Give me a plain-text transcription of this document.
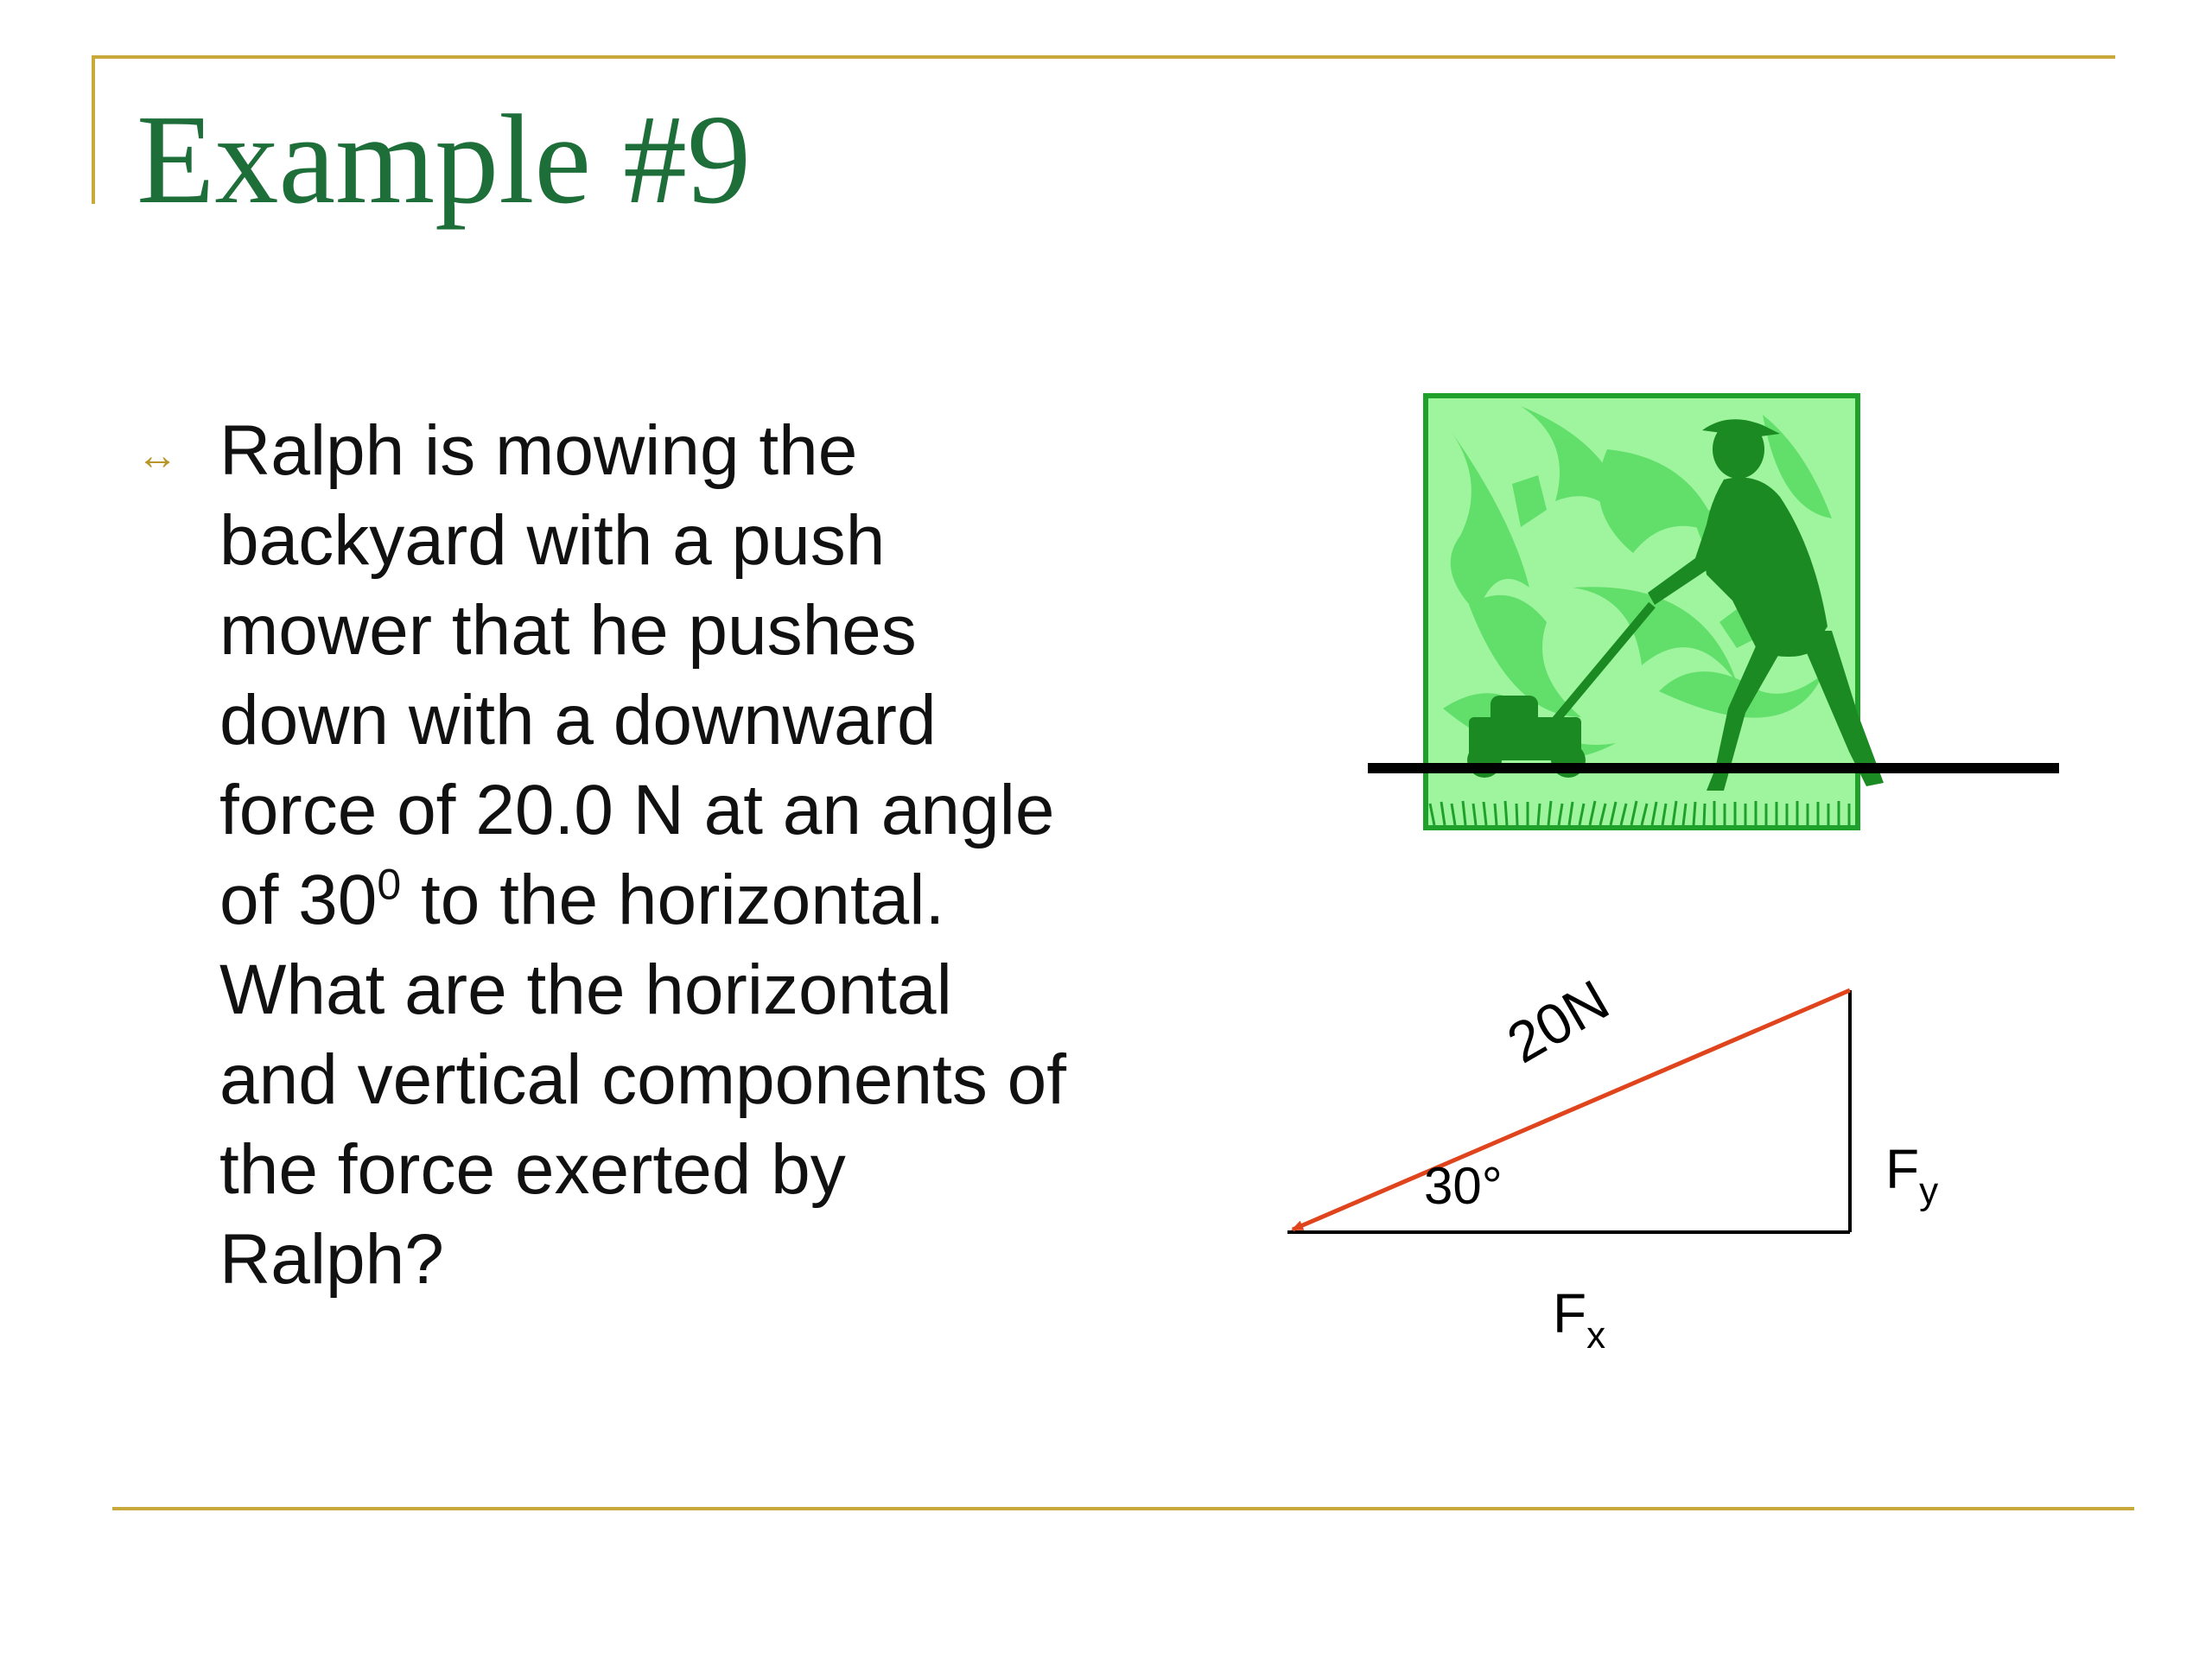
Example #9
↔ Ralph is mowing the backyard with a push mower that he pushes down with a downward force of 20.0 N at an angle of $30^0$ to the horizontal. What are the horizontal and vertical components of the force exerted by Ralph?

20N
30°	$F_y$
$F_x$
